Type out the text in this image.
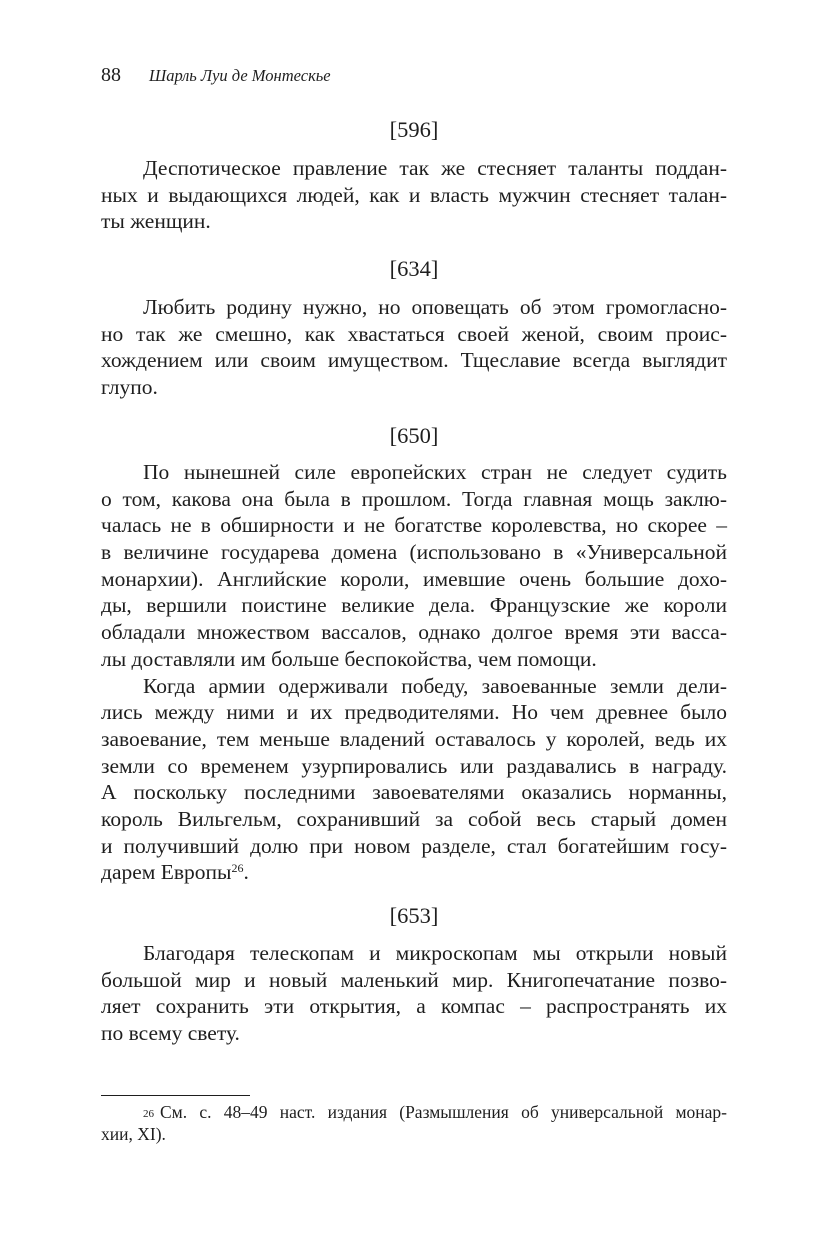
88 Шарль Луи де Монтескье
[596]
Деспотическое правление так же стесняет таланты поддан-
ных и выдающихся людей, как и власть мужчин стесняет талан-
ты женщин.
[634]
Любить родину нужно, но оповещать об этом громогласно-
но так же смешно, как хвастаться своей женой, своим проис-
хождением или своим имуществом. Тщеславие всегда выглядит
глупо.
[650]
По нынешней силе европейских стран не следует судить
о том, какова она была в прошлом. Тогда главная мощь заклю-
чалась не в обширности и не богатстве королевства, но скорее –
в величине государева домена (использовано в «Универсальной
монархии). Английские короли, имевшие очень большие дохо-
ды, вершили поистине великие дела. Французские же короли
обладали множеством вассалов, однако долгое время эти васса-
лы доставляли им больше беспокойства, чем помощи.
Когда армии одерживали победу, завоеванные земли дели-
лись между ними и их предводителями. Но чем древнее было
завоевание, тем меньше владений оставалось у королей, ведь их
земли со временем узурпировались или раздавались в награду.
А поскольку последними завоевателями оказались норманны,
король Вильгельм, сохранивший за собой весь старый домен
и получивший долю при новом разделе, стал богатейшим госу-
дарем Европы$^{26}$.
[653]
Благодаря телескопам и микроскопам мы открыли новый
большой мир и новый маленький мир. Книгопечатание позво-
ляет сохранить эти открытия, а компас – распространять их
по всему свету.
$^{26}$ См. с. 48–49 наст. издания (Размышления об универсальной монар-
хии, XI).
